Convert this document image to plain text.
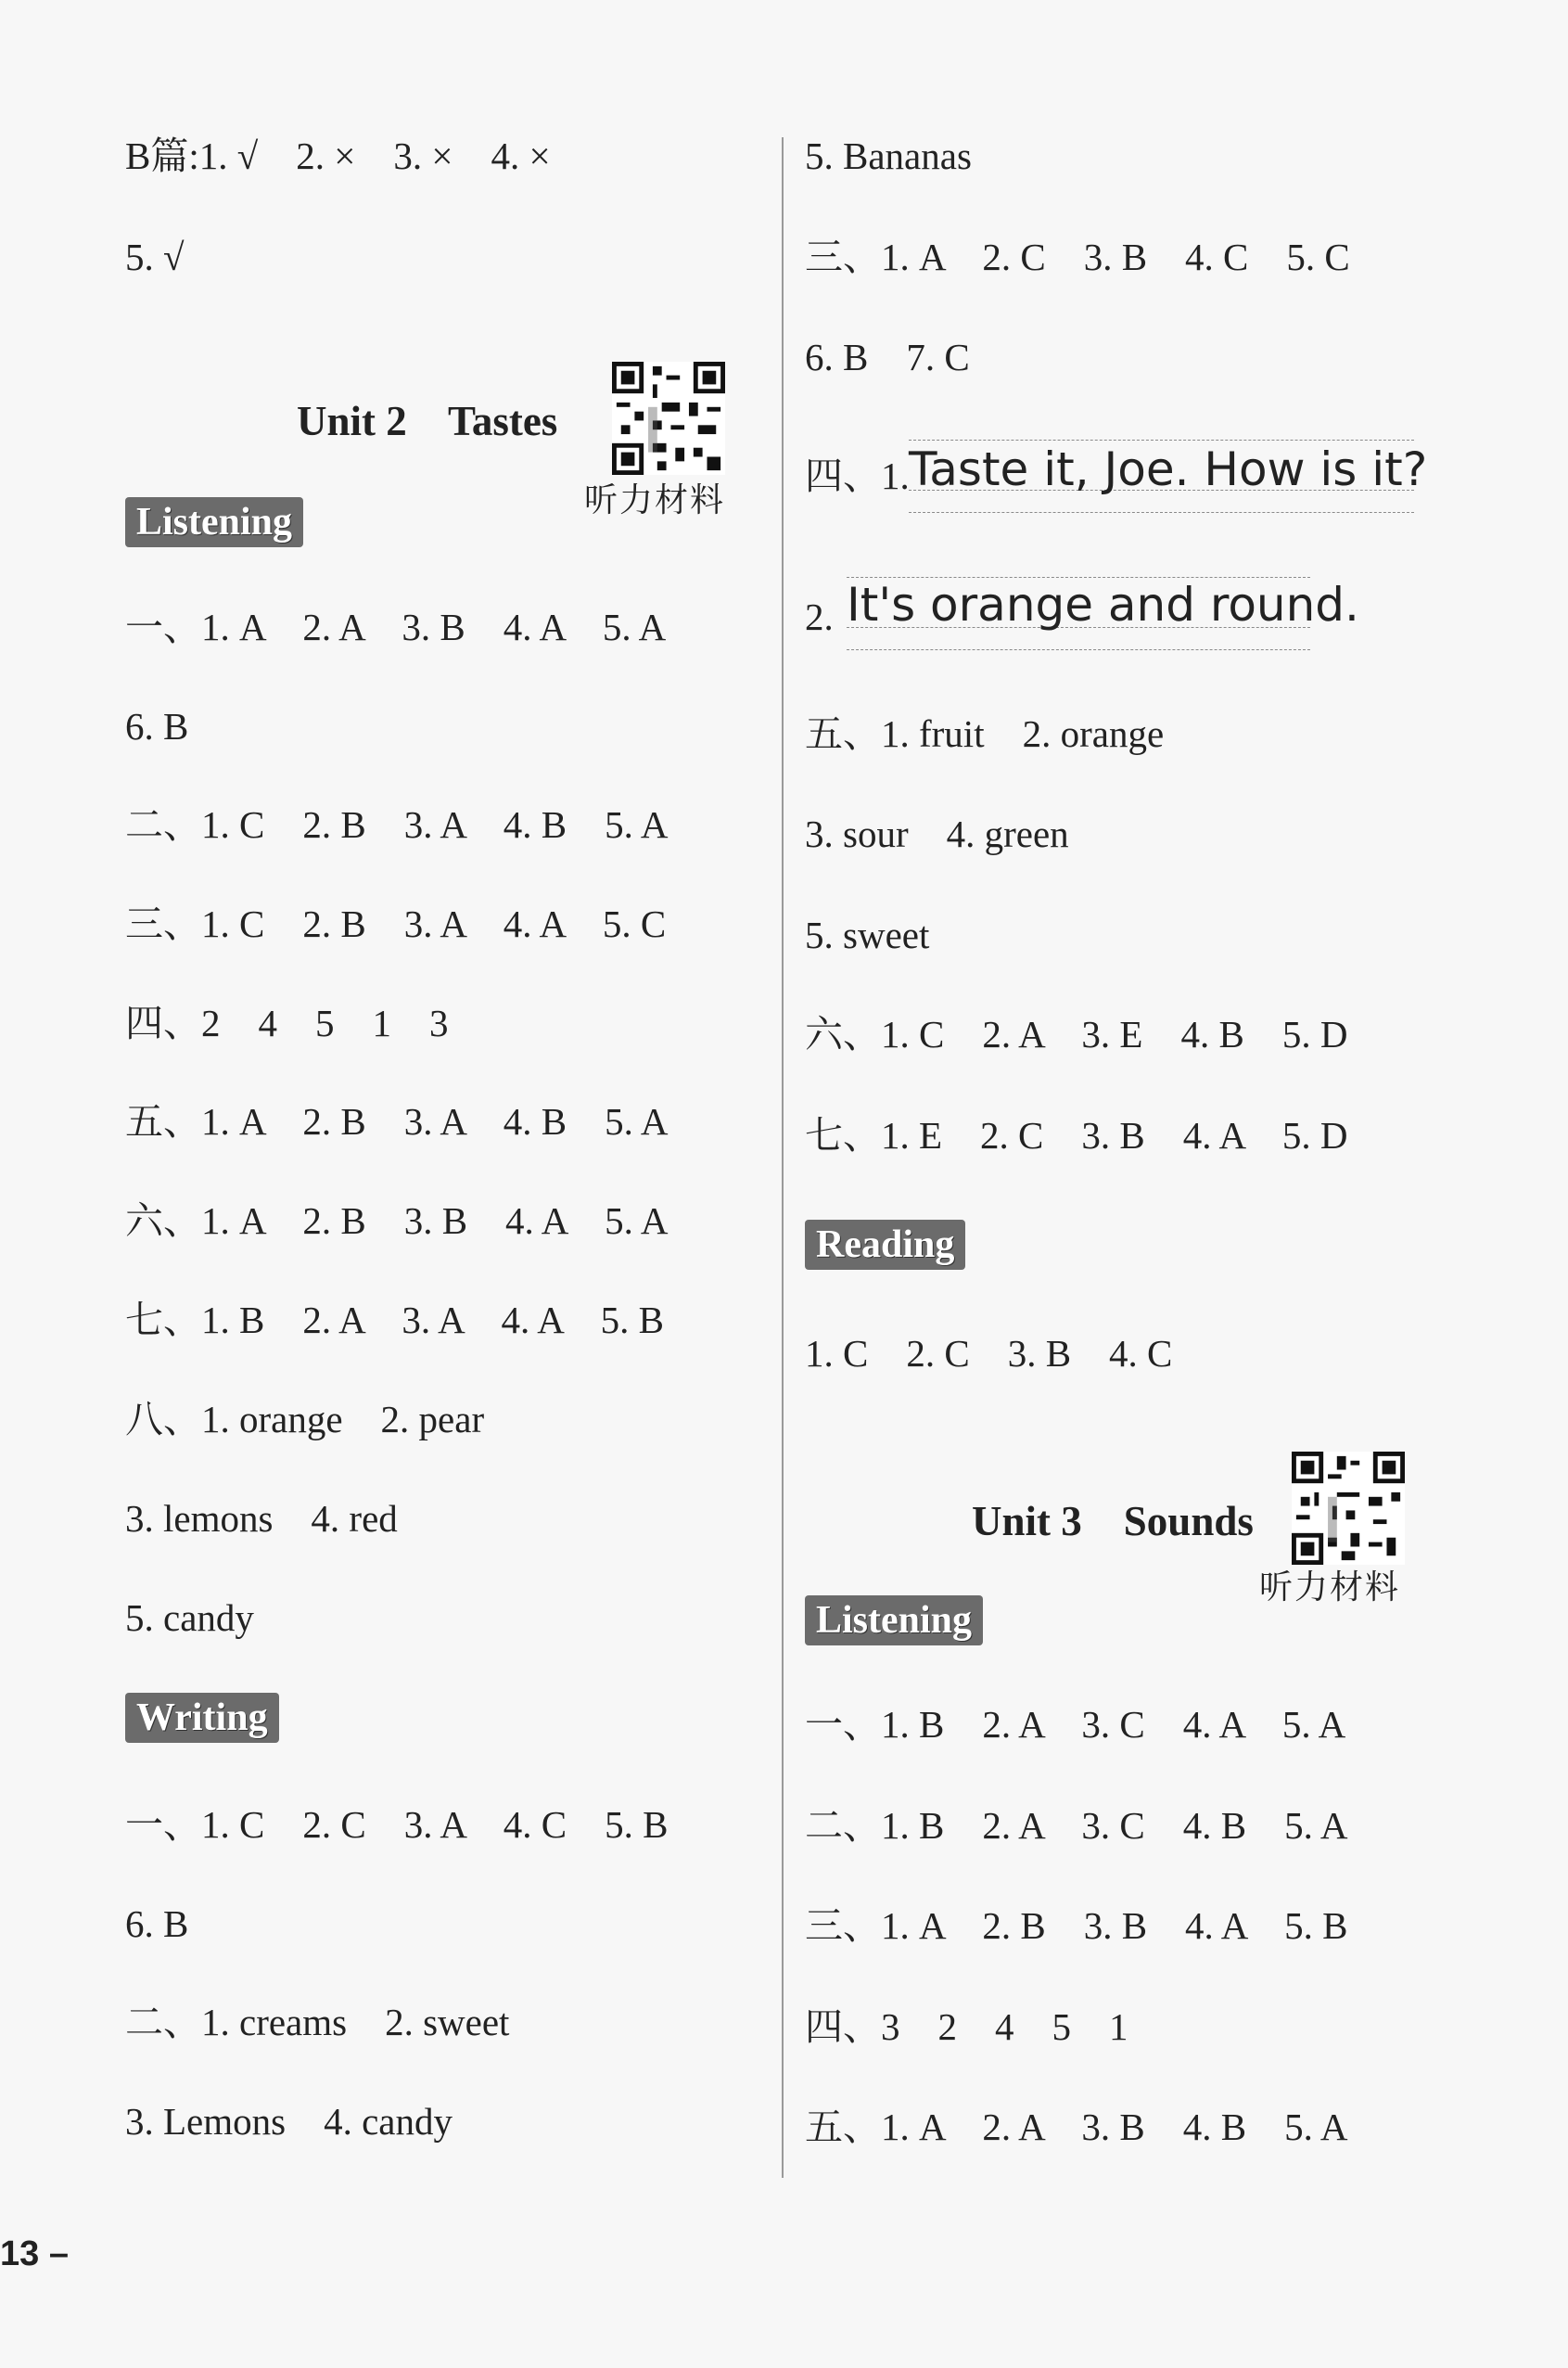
B篇:1. √    2. ×    3. ×    4. ×
5. √
Unit 2    Tastes
听力材料
Listening
一、1. A    2. A    3. B    4. A    5. A
6. B
二、1. C    2. B    3. A    4. B    5. A
三、1. C    2. B    3. A    4. A    5. C
四、2    4    5    1    3
五、1. A    2. B    3. A    4. B    5. A
六、1. A    2. B    3. B    4. A    5. A
七、1. B    2. A    3. A    4. A    5. B
八、1. orange    2. pear
3. lemons    4. red
5. candy
Writing
一、1. C    2. C    3. A    4. C    5. B
6. B
二、1. creams    2. sweet
3. Lemons    4. candy
5. Bananas
三、1. A    2. C    3. B    4. C    5. C
6. B    7. C
四、1. Taste it, Joe. How is it?
2. It's orange and round.
五、1. fruit    2. orange
3. sour    4. green
5. sweet
六、1. C    2. A    3. E    4. B    5. D
七、1. E    2. C    3. B    4. A    5. D
Reading
1. C    2. C    3. B    4. C
Unit 3    Sounds
听力材料
Listening
一、1. B    2. A    3. C    4. A    5. A
二、1. B    2. A    3. C    4. B    5. A
三、1. A    2. B    3. B    4. A    5. B
四、3    2    4    5    1
五、1. A    2. A    3. B    4. B    5. A
13 –
